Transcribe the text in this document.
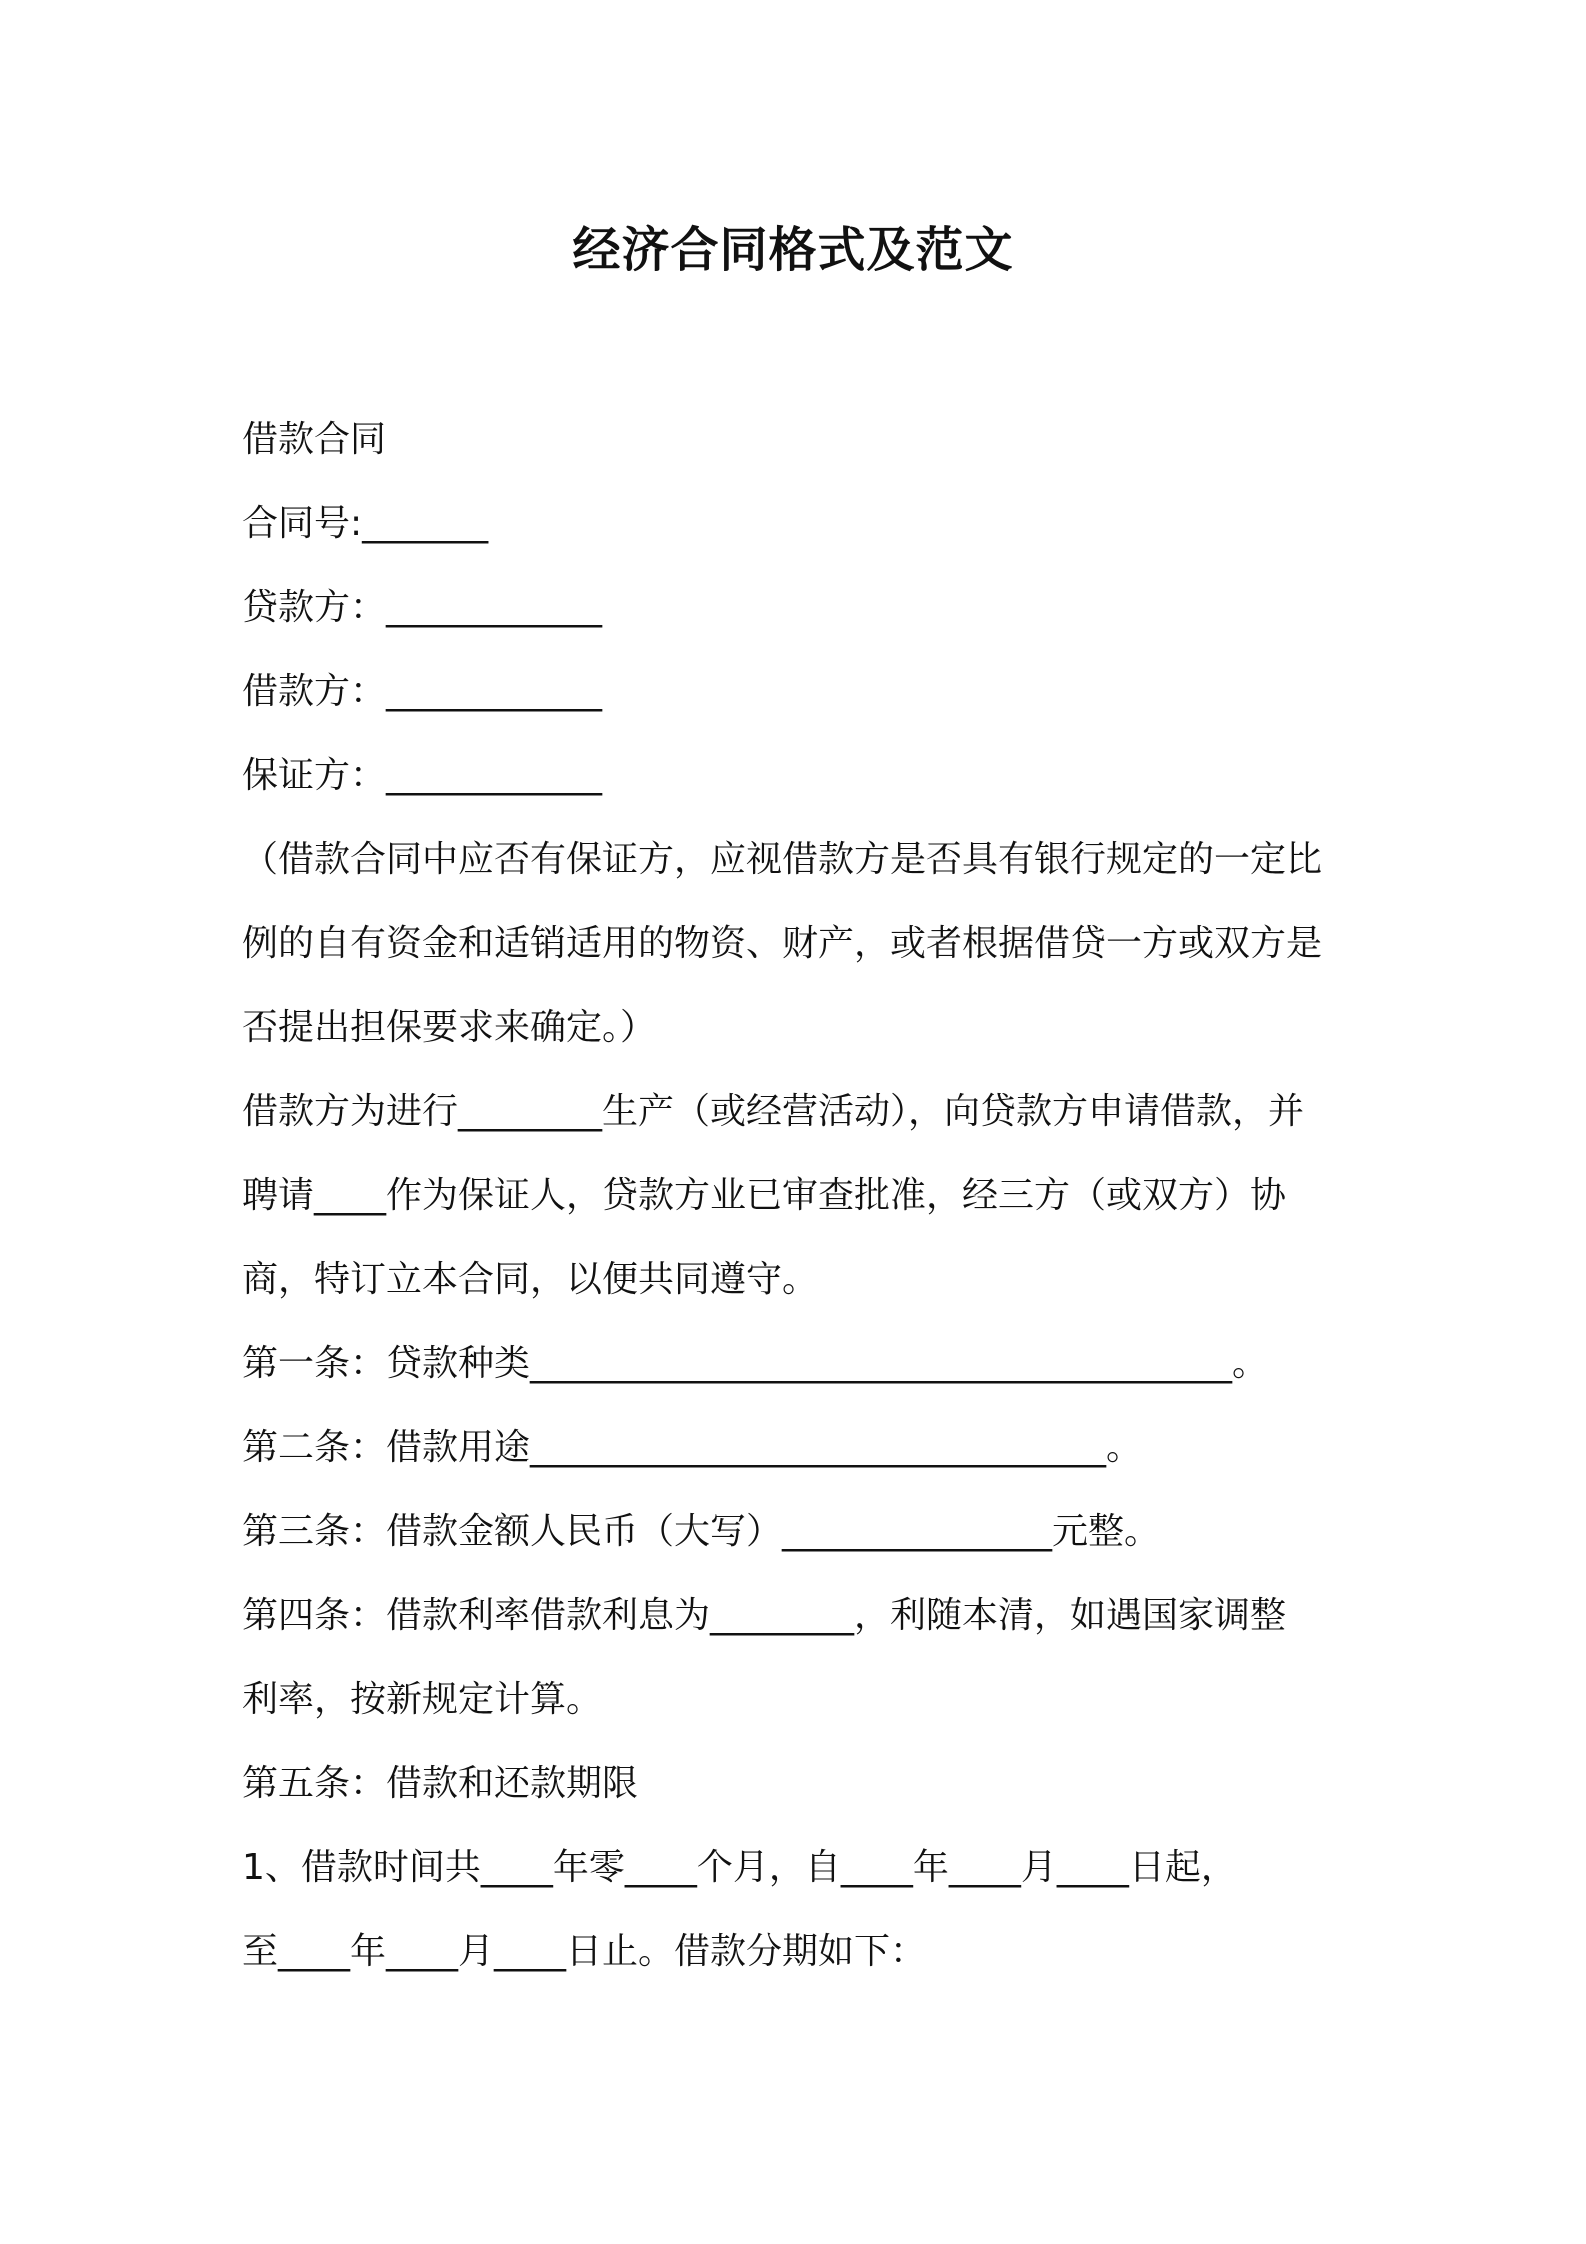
经济合同格式及范文

借款合同

合同号:_______

贷款方：____________

借款方：____________

保证方：____________

（借款合同中应否有保证方，应视借款方是否具有银行规定的一定比

例的自有资金和适销适用的物资、财产，或者根据借贷一方或双方是

否提出担保要求来确定。）

借款方为进行________生产（或经营活动），向贷款方申请借款，并

聘请____作为保证人，贷款方业已审查批准，经三方（或双方）协

商，特订立本合同，以便共同遵守。

第一条：贷款种类_______________________________________。

第二条：借款用途________________________________。

第三条：借款金额人民币（大写）_______________元整。

第四条：借款利率借款利息为________，利随本清，如遇国家调整

利率，按新规定计算。

第五条：借款和还款期限

1、借款时间共____年零____个月，自____年____月____日起，

至____年____月____日止。借款分期如下：
